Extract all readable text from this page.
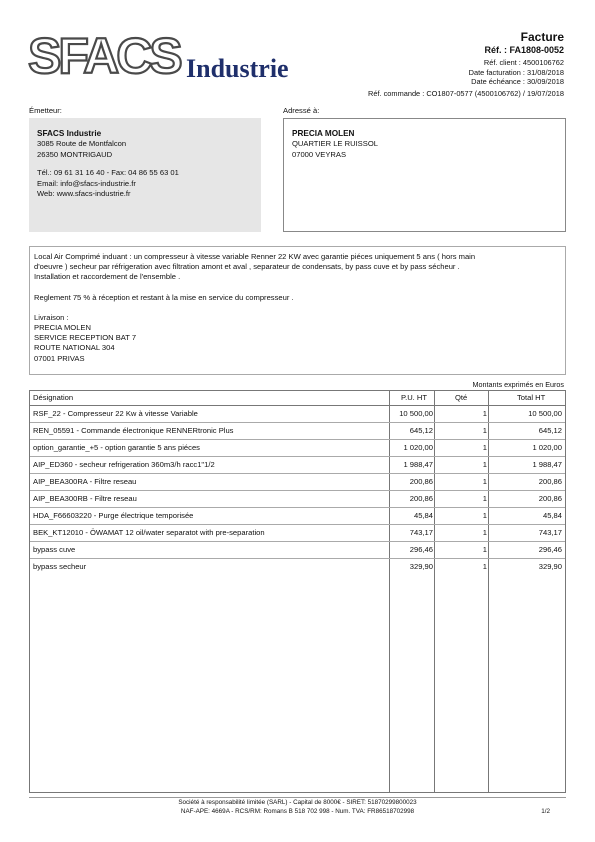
SFACS Industrie
Facture
Réf. : FA1808-0052
Réf. client : 4500106762
Date facturation : 31/08/2018
Date échéance : 30/09/2018
Réf. commande : CO1807-0577 (4500106762) / 19/07/2018
Émetteur:	Adressé à:
SFACS Industrie
3085 Route de Montfalcon
26350 MONTRIGAUD
Tél.: 09 61 31 16 40 - Fax: 04 86 55 63 01
Email: info@sfacs-industrie.fr
Web: www.sfacs-industrie.fr
PRECIA MOLEN
QUARTIER LE RUISSOL
07000 VEYRAS
Local Air Comprimé induant : un compresseur à vitesse variable Renner 22 KW avec garantie piéces uniquement 5 ans ( hors main
d'oeuvre ) secheur par réfrigeration avec filtration amont et aval , separateur de condensats, by pass cuve et by pass sécheur .
Installation et raccordement de l'ensemble .
Reglement 75 % à réception et restant à la mise en service du compresseur .
Livraison :
PRECIA MOLEN
SERVICE RECEPTION BAT 7
ROUTE NATIONAL 304
07001 PRIVAS
Montants exprimés en Euros
Désignation	P.U. HT	Qté	Total HT
RSF_22 - Compresseur 22 Kw à vitesse Variable	10 500,00	1	10 500,00
REN_05591 - Commande électronique RENNERtronic Plus	645,12	1	645,12
option_garantie_+5 - option garantie 5 ans piéces	1 020,00	1	1 020,00
AIP_ED360 - secheur refrigeration 360m3/h racc1"1/2	1 988,47	1	1 988,47
AIP_BEA300RA - Filtre reseau	200,86	1	200,86
AIP_BEA300RB - Filtre reseau	200,86	1	200,86
HDA_F66603220 - Purge électrique temporisée	45,84	1	45,84
BEK_KT12010 - ÖWAMAT 12 oil/water separatot with pre-separation	743,17	1	743,17
bypass cuve	296,46	1	296,46
bypass secheur	329,90	1	329,90
Société à responsabilité limitée (SARL) - Capital de 8000€ - SIRET: 51870299800023
NAF-APE: 4669A - RCS/RM: Romans B 518 702 998 - Num. TVA: FR86518702998	1/2
